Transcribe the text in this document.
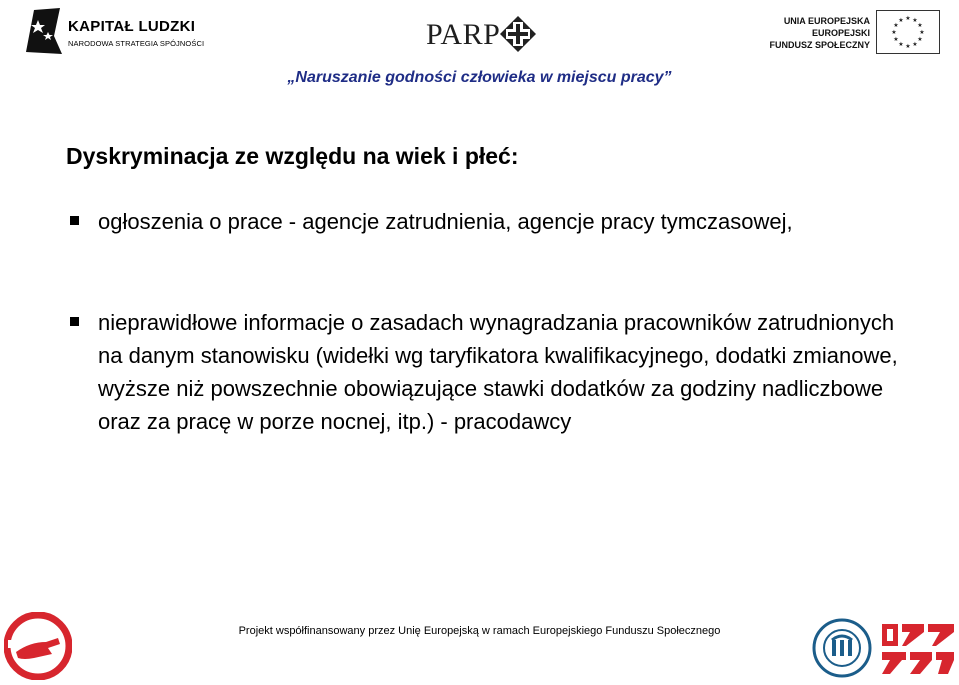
KAPITAŁ LUDZKI
NARODOWA STRATEGIA SPÓJNOŚCI	PARP	UNIA EUROPEJSKA
EUROPEJSKI
FUNDUSZ SPOŁECZNY
★ ★
★
★
★
★
★
★
★
★
★
★
„Naruszanie godności człowieka w miejscu pracy”
Dyskryminacja ze względu na wiek i płeć:
ogłoszenia o prace - agencje zatrudnienia, agencje pracy tymczasowej,
nieprawidłowe informacje o zasadach wynagradzania pracowników zatrudnionych na danym stanowisku (widełki wg taryfikatora kwalifikacyjnego, dodatki zmianowe, wyższe niż powszechnie obowiązujące stawki dodatków za godziny nadliczbowe oraz za pracę w porze nocnej, itp.) - pracodawcy
Projekt współfinansowany przez Unię Europejską w ramach Europejskiego Funduszu Społecznego
